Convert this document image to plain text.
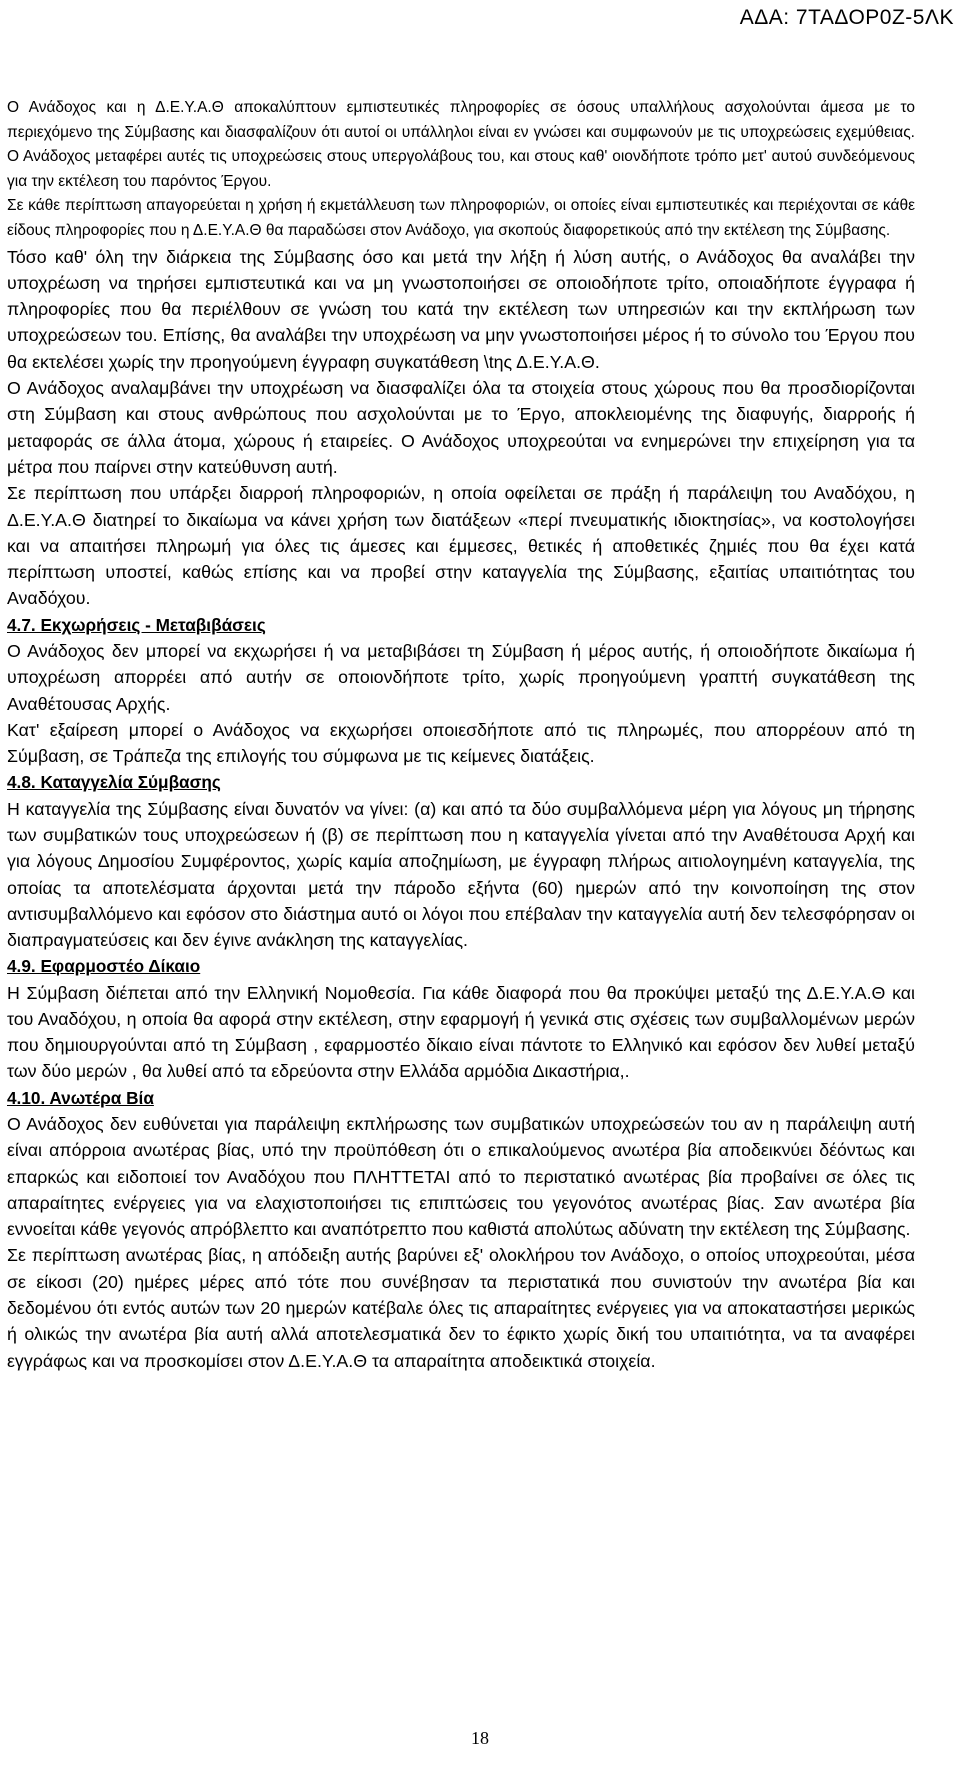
ΑΔΑ: 7ΤΑΔΟΡ0Ζ-5ΛΚ

Ο Ανάδοχος και η Δ.Ε.Υ.Α.Θ αποκαλύπτουν εμπιστευτικές πληροφορίες σε όσους υπαλλήλους ασχολούνται άμεσα με το περιεχόμενο της Σύμβασης και διασφαλίζουν ότι αυτοί οι υπάλληλοι είναι εν γνώσει και συμφωνούν με τις υποχρεώσεις εχεμύθειας. Ο Ανάδοχος μεταφέρει αυτές τις υποχρεώσεις στους υπεργολάβους του, και στους καθ' οιονδήποτε τρόπο μετ' αυτού συνδεόμενους για την εκτέλεση του παρόντος Έργου.

Σε κάθε περίπτωση απαγορεύεται η χρήση ή εκμετάλλευση των πληροφοριών, οι οποίες είναι εμπιστευτικές και περιέχονται σε κάθε είδους πληροφορίες που η Δ.Ε.Υ.Α.Θ θα παραδώσει στον Ανάδοχο, για σκοπούς διαφορετικούς από την εκτέλεση της Σύμβασης.

Τόσο καθ' όλη την διάρκεια της Σύμβασης όσο και μετά την λήξη ή λύση αυτής, ο Ανάδοχος θα αναλάβει την υποχρέωση να τηρήσει εμπιστευτικά και να μη γνωστοποιήσει σε οποιοδήποτε τρίτο, οποιαδήποτε έγγραφα ή πληροφορίες που θα περιέλθουν σε γνώση του κατά την εκτέλεση των υπηρεσιών και την εκπλήρωση των υποχρεώσεων του. Επίσης, θα αναλάβει την υποχρέωση να μην γνωστοποιήσει μέρος ή το σύνολο του Έργου που θα εκτελέσει χωρίς την προηγούμενη έγγραφη συγκατάθεση \tης Δ.Ε.Υ.Α.Θ.

Ο Ανάδοχος αναλαμβάνει την υποχρέωση να διασφαλίζει όλα τα στοιχεία στους χώρους που θα προσδιορίζονται στη Σύμβαση και στους ανθρώπους που ασχολούνται με το Έργο, αποκλειομένης της διαφυγής, διαρροής ή μεταφοράς σε άλλα άτομα, χώρους ή εταιρείες. Ο Ανάδοχος υποχρεούται να ενημερώνει την επιχείρηση για τα μέτρα που παίρνει στην κατεύθυνση αυτή.

Σε περίπτωση που υπάρξει διαρροή πληροφοριών, η οποία οφείλεται σε πράξη ή παράλειψη του Αναδόχου, η Δ.Ε.Υ.Α.Θ διατηρεί το δικαίωμα να κάνει χρήση των διατάξεων «περί πνευματικής ιδιοκτησίας», να κοστολογήσει και να απαιτήσει πληρωμή για όλες τις άμεσες και έμμεσες, θετικές ή αποθετικές ζημιές που θα έχει κατά περίπτωση υποστεί, καθώς επίσης και να προβεί στην καταγγελία της Σύμβασης, εξαιτίας υπαιτιότητας του Αναδόχου.

4.7. Εκχωρήσεις - Μεταβιβάσεις

Ο Ανάδοχος δεν μπορεί να εκχωρήσει ή να μεταβιβάσει τη Σύμβαση ή μέρος αυτής, ή οποιοδήποτε δικαίωμα ή υποχρέωση απορρέει από αυτήν σε οποιονδήποτε τρίτο, χωρίς προηγούμενη γραπτή συγκατάθεση της Αναθέτουσας Αρχής.

Κατ' εξαίρεση μπορεί ο Ανάδοχος να εκχωρήσει οποιεσδήποτε από τις πληρωμές, που απορρέουν από τη Σύμβαση, σε Τράπεζα της επιλογής του σύμφωνα με τις κείμενες διατάξεις.

4.8. Καταγγελία Σύμβασης

Η καταγγελία της Σύμβασης είναι δυνατόν να γίνει: (α) και από τα δύο συμβαλλόμενα μέρη για λόγους μη τήρησης των συμβατικών τους υποχρεώσεων ή (β) σε περίπτωση που η καταγγελία γίνεται από την Αναθέτουσα Αρχή και για λόγους Δημοσίου Συμφέροντος, χωρίς καμία αποζημίωση, με έγγραφη πλήρως αιτιολογημένη καταγγελία, της οποίας τα αποτελέσματα άρχονται μετά την πάροδο εξήντα (60) ημερών από την κοινοποίηση της στον αντισυμβαλλόμενο και εφόσον στο διάστημα αυτό οι λόγοι που επέβαλαν την καταγγελία αυτή δεν τελεσφόρησαν οι διαπραγματεύσεις και δεν έγινε ανάκληση της καταγγελίας.

4.9. Εφαρμοστέο Δίκαιο

Η Σύμβαση διέπεται από την Ελληνική Νομοθεσία. Για κάθε διαφορά που θα προκύψει μεταξύ της Δ.Ε.Υ.Α.Θ και του Αναδόχου, η οποία θα αφορά στην εκτέλεση, στην εφαρμογή ή γενικά στις σχέσεις των συμβαλλομένων μερών που δημιουργούνται από τη Σύμβαση , εφαρμοστέο δίκαιο είναι πάντοτε το Ελληνικό και εφόσον δεν λυθεί μεταξύ των δύο μερών , θα λυθεί από τα εδρεύοντα στην Ελλάδα αρμόδια Δικαστήρια,.

4.10. Ανωτέρα Βία

Ο Ανάδοχος δεν ευθύνεται για παράλειψη εκπλήρωσης των συμβατικών υποχρεώσεών του αν η παράλειψη αυτή είναι απόρροια ανωτέρας βίας, υπό την προϋπόθεση ότι ο επικαλούμενος ανωτέρα βία αποδεικνύει δέόντως και επαρκώς και ειδοποιεί τον Αναδόχου που ΠΛΗΤΤΕΤΑΙ από το περιστατικό ανωτέρας βία προβαίνει σε όλες τις απαραίτητες ενέργειες για να ελαχιστοποιήσει τις επιπτώσεις του γεγονότος ανωτέρας βίας. Σαν ανωτέρα βία εννοείται κάθε γεγονός απρόβλεπτο και αναπότρεπτο που καθιστά απολύτως αδύνατη την εκτέλεση της Σύμβασης.

Σε περίπτωση ανωτέρας βίας, η απόδειξη αυτής βαρύνει εξ' ολοκλήρου τον Ανάδοχο, ο οποίος υποχρεούται, μέσα σε είκοσι (20) ημέρες μέρες από τότε που συνέβησαν τα περιστατικά που συνιστούν την ανωτέρα βία και δεδομένου ότι εντός αυτών των 20 ημερών κατέβαλε όλες τις απαραίτητες ενέργειες για να αποκαταστήσει μερικώς ή ολικώς την ανωτέρα βία αυτή αλλά αποτελεσματικά δεν το έφικτο χωρίς δική του υπαιτιότητα, να τα αναφέρει εγγράφως και να προσκομίσει στον Δ.Ε.Υ.Α.Θ τα απαραίτητα αποδεικτικά στοιχεία.

18
